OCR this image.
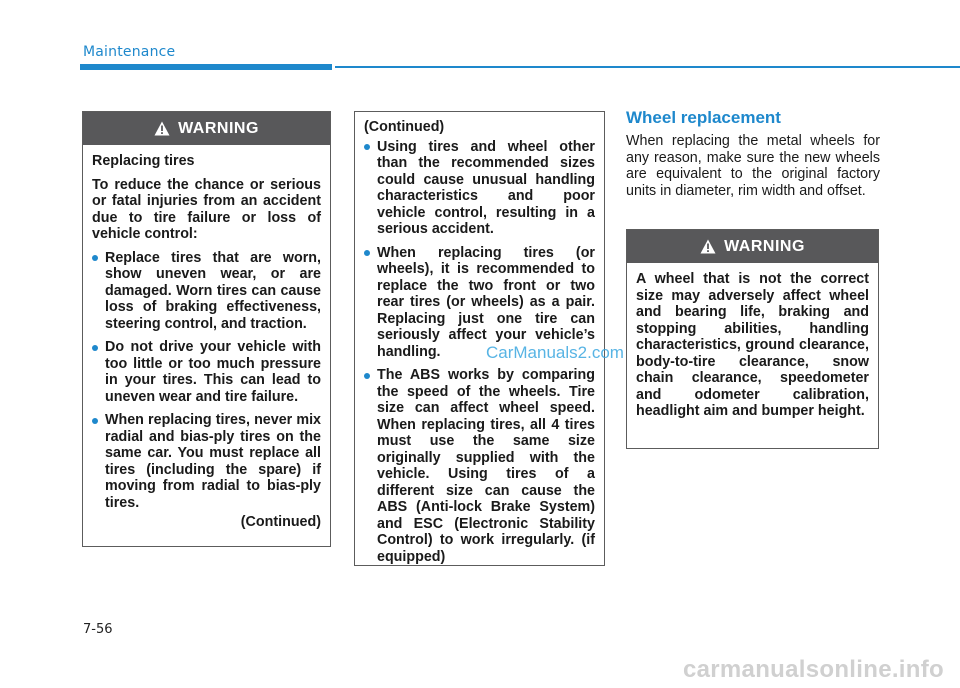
Maintenance
WARNING
Replacing tires
To reduce the chance or serious or fatal injuries from an accident due to tire failure or loss of vehicle control:
Replace tires that are worn, show uneven wear, or are damaged. Worn tires can cause loss of braking effectiveness, steering control, and traction.
Do not drive your vehicle with too little or too much pressure in your tires. This can lead to uneven wear and tire failure.
When replacing tires, never mix radial and bias-ply tires on the same car. You must replace all tires (including the spare) if moving from radial to bias-ply tires.
(Continued)
(Continued)
Using tires and wheel other than the recommended sizes could cause unusual handling characteristics and poor vehicle control, resulting in a serious accident.
When replacing tires (or wheels), it is recommended to replace the two front or two rear tires (or wheels) as a pair. Replacing just one tire can seriously affect your vehicle’s handling.
The ABS works by comparing the speed of the wheels. Tire size can affect wheel speed. When replacing tires, all 4 tires must use the same size originally supplied with the vehicle. Using tires of a different size can cause the ABS (Anti-lock Brake System) and ESC (Electronic Stability Control) to work irregularly. (if equipped)
Wheel replacement
When replacing the metal wheels for any reason, make sure the new wheels are equivalent to the original factory units in diameter, rim width and offset.
WARNING
A wheel that is not the correct size may adversely affect wheel and bearing life, braking and stopping abilities, handling characteristics, ground clearance, body-to-tire clearance, snow chain clearance, speedometer and odometer calibration, headlight aim and bumper height.
CarManuals2.com
7-56
carmanualsonline.info
